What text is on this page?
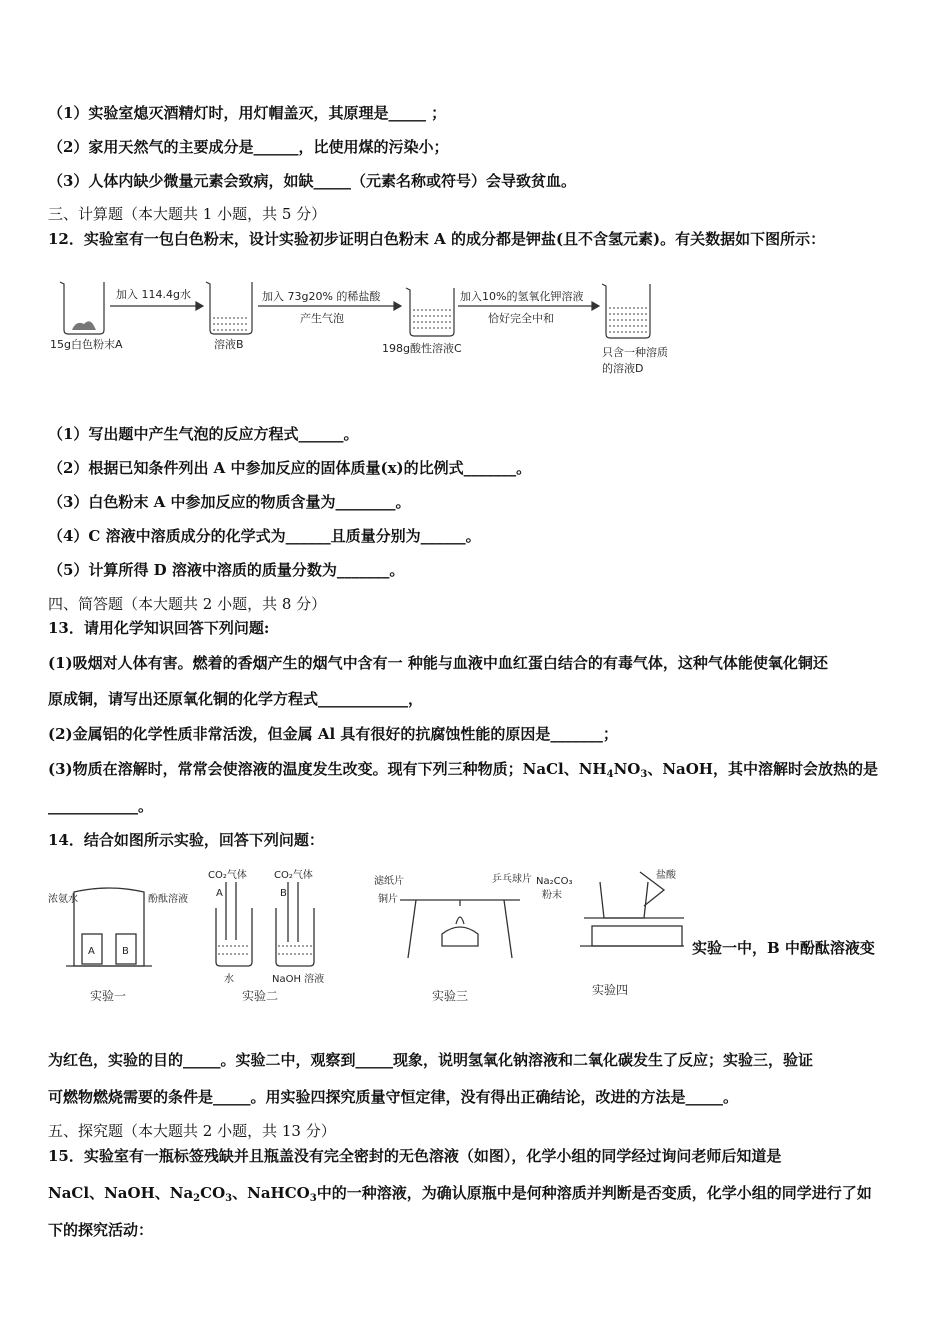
（1）实验室熄灭酒精灯时，用灯帽盖灭，其原理是_____ ；
（2）家用天然气的主要成分是______，比使用煤的污染小；
（3）人体内缺少微量元素会致病，如缺_____（元素名称或符号）会导致贫血。
三、计算题（本大题共 1 小题，共 5 分）
12．实验室有一包白色粉末，设计实验初步证明白色粉末 A 的成分都是钾盐(且不含氢元素)。有关数据如下图所示：
加入 114.4g水	加入 73g20% 的稀盐酸
产生气泡
加入10%的氢氧化钾溶液
恰好完全中和
15g白色粉末A	溶液B	198g酸性溶液C	只含一种溶质
的溶液D
（1）写出题中产生气泡的反应方程式______。
（2）根据已知条件列出 A 中参加反应的固体质量(x)的比例式_______。
（3）白色粉末 A 中参加反应的物质含量为________。
（4）C 溶液中溶质成分的化学式为______且质量分别为______。
（5）计算所得 D 溶液中溶质的质量分数为_______。
四、简答题（本大题共 2 小题，共 8 分）
13．请用化学知识回答下列问题:
(1)吸烟对人体有害。燃着的香烟产生的烟气中含有一 种能与血液中血红蛋白结合的有毒气体，这种气体能使氧化铜还
原成铜，请写出还原氧化铜的化学方程式____________，
(2)金属铝的化学性质非常活泼，但金属 Al 具有很好的抗腐蚀性能的原因是_______；
(3)物质在溶解时，常常会使溶液的温度发生改变。现有下列三种物质；NaCl、$NH_4NO_3$、NaOH，其中溶解时会放热的是
____________。
14．结合如图所示实验，回答下列问题：
浓氨水	酚酞溶液
A	B
CO₂气体	CO₂气体
A	B
水	NaOH 溶液
滤纸片
铜片
乒乓球片 Na₂CO₃
粉末
盐酸
实验一	实验二	实验三	实验四
实验一中，B 中酚酞溶液变
为红色，实验的目的_____。实验二中，观察到_____现象，说明氢氧化钠溶液和二氧化碳发生了反应；实验三，验证
可燃物燃烧需要的条件是_____。用实验四探究质量守恒定律，没有得出正确结论，改进的方法是_____。
五、探究题（本大题共 2 小题，共 13 分）
15．实验室有一瓶标签残缺并且瓶盖没有完全密封的无色溶液（如图），化学小组的同学经过询问老师后知道是
NaCl、NaOH、$Na_2CO_3$、NaHCO$_3$中的一种溶液，为确认原瓶中是何种溶质并判断是否变质，化学小组的同学进行了如
下的探究活动：
